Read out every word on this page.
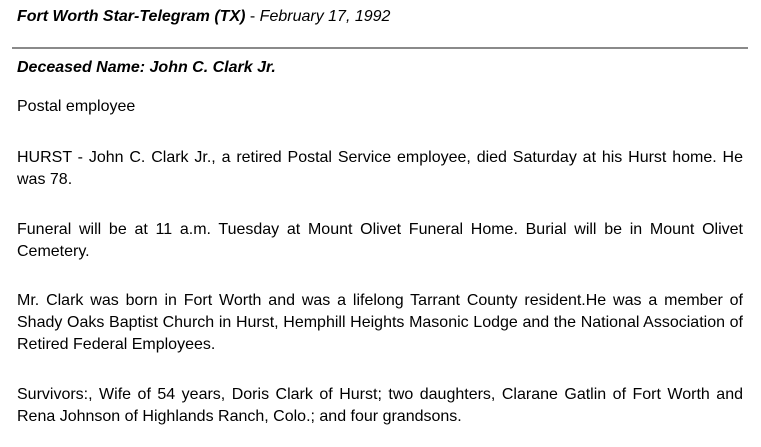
Fort Worth Star-Telegram (TX) - February 17, 1992
Deceased Name: John C. Clark Jr.
Postal employee

HURST - John C. Clark Jr., a retired Postal Service employee, died Saturday at his Hurst home. He was 78.

Funeral will be at 11 a.m. Tuesday at Mount Olivet Funeral Home. Burial will be in Mount Olivet Cemetery.

Mr. Clark was born in Fort Worth and was a lifelong Tarrant County resident.He was a member of Shady Oaks Baptist Church in Hurst, Hemphill Heights Masonic Lodge and the National Association of Retired Federal Employees.

Survivors:, Wife of 54 years, Doris Clark of Hurst; two daughters, Clarane Gatlin of Fort Worth and Rena Johnson of Highlands Ranch, Colo.; and four grandsons.
